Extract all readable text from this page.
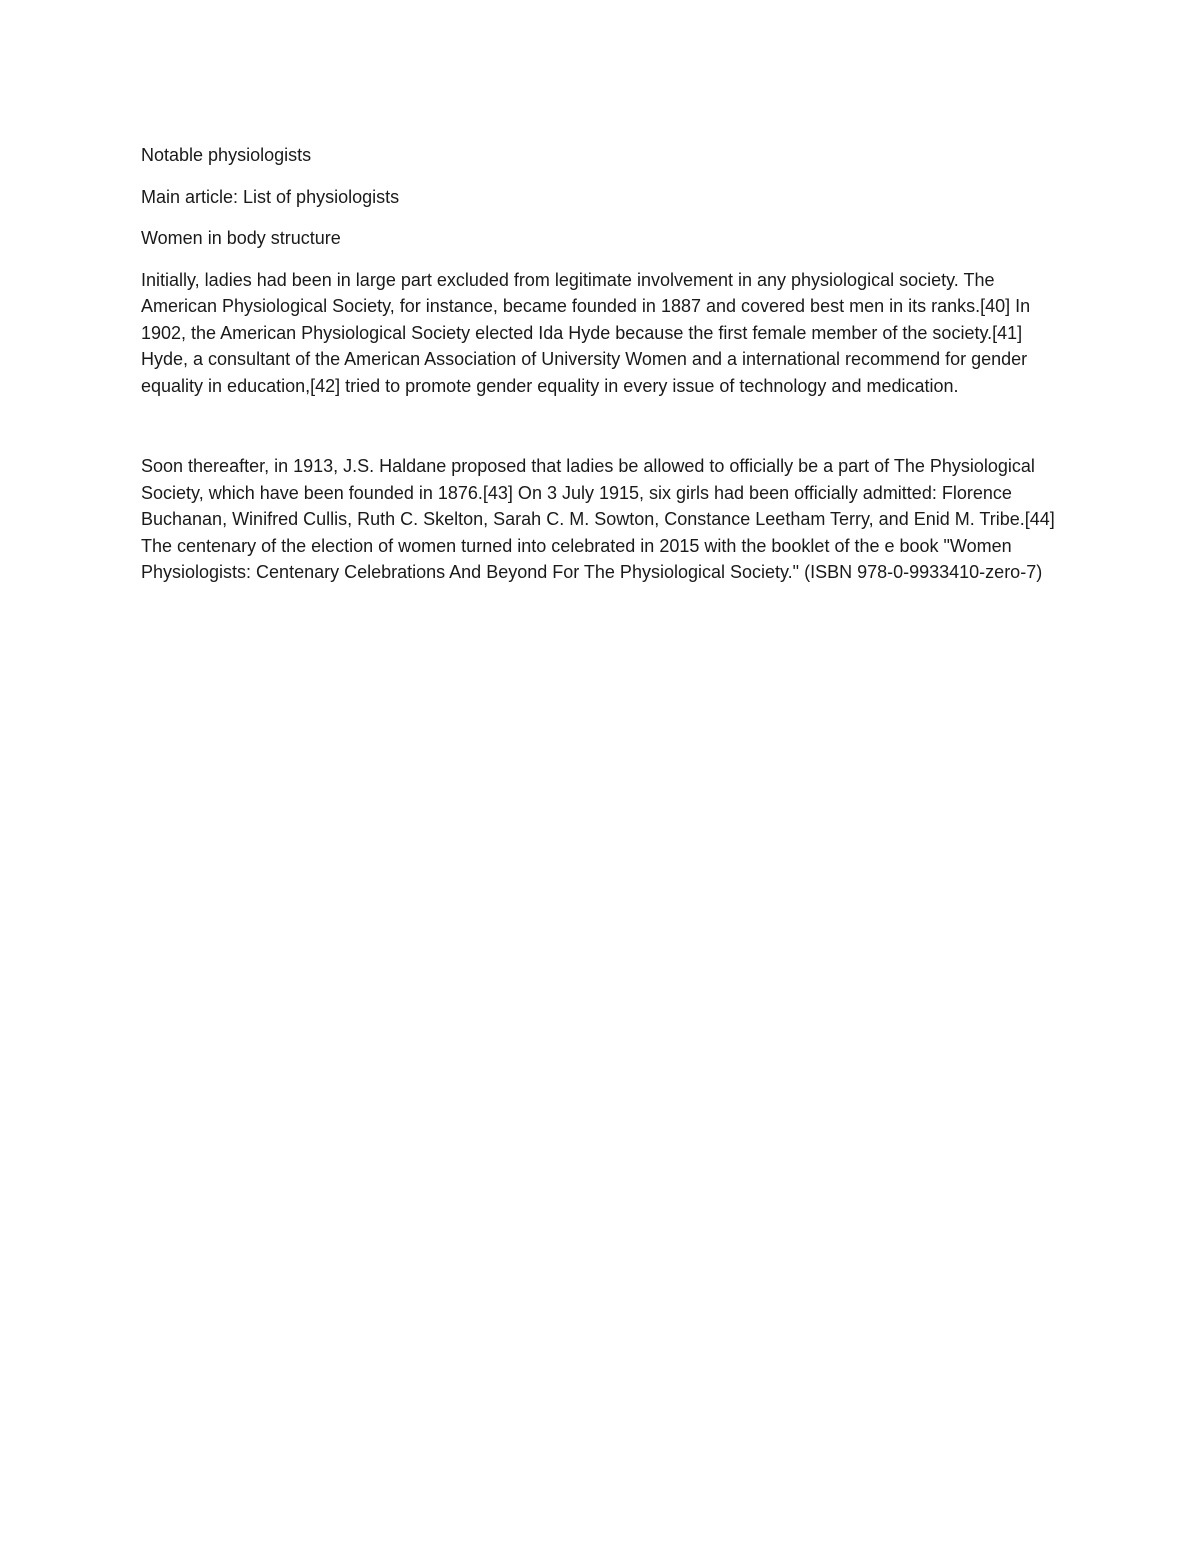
Notable physiologists

Main article: List of physiologists

Women in body structure

Initially, ladies had been in large part excluded from legitimate involvement in any physiological society. The American Physiological Society, for instance, became founded in 1887 and covered best men in its ranks.[40] In 1902, the American Physiological Society elected Ida Hyde because the first female member of the society.[41] Hyde, a consultant of the American Association of University Women and a international recommend for gender equality in education,[42] tried to promote gender equality in every issue of technology and medication.

Soon thereafter, in 1913, J.S. Haldane proposed that ladies be allowed to officially be a part of The Physiological Society, which have been founded in 1876.[43] On 3 July 1915, six girls had been officially admitted: Florence Buchanan, Winifred Cullis, Ruth C. Skelton, Sarah C. M. Sowton, Constance Leetham Terry, and Enid M. Tribe.[44] The centenary of the election of women turned into celebrated in 2015 with the booklet of the e book "Women Physiologists: Centenary Celebrations And Beyond For The Physiological Society." (ISBN 978-0-9933410-zero-7)
